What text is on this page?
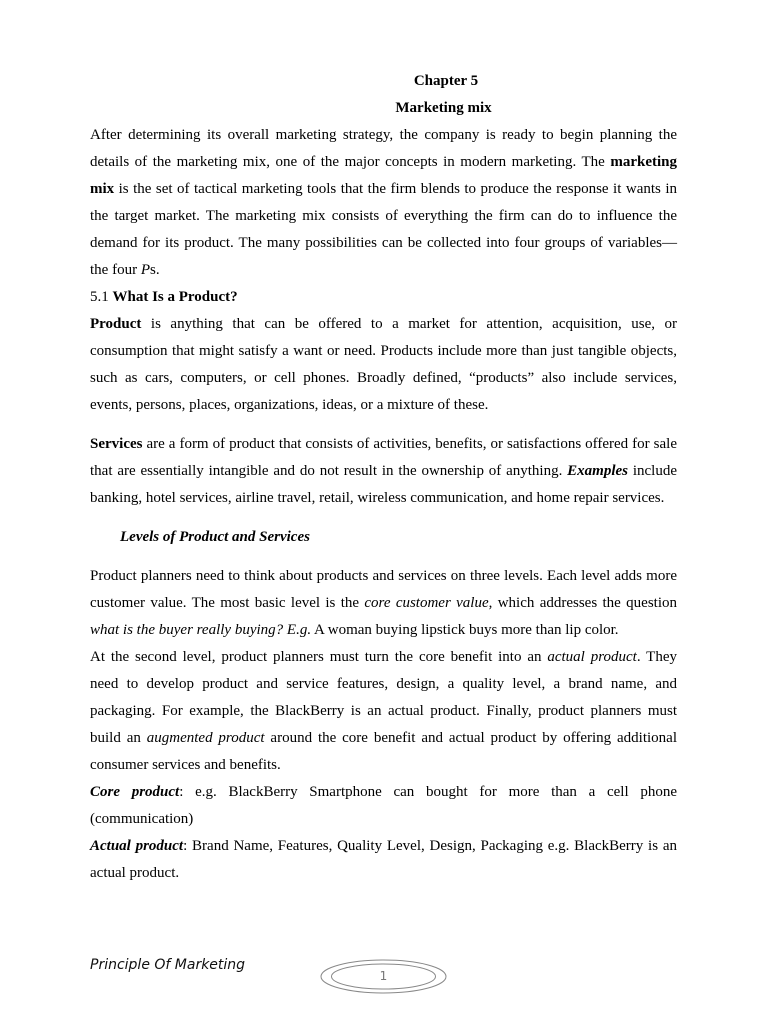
Chapter 5
Marketing mix

After determining its overall marketing strategy, the company is ready to begin planning the details of the marketing mix, one of the major concepts in modern marketing. The marketing mix is the set of tactical marketing tools that the firm blends to produce the response it wants in the target market. The marketing mix consists of everything the firm can do to influence the demand for its product. The many possibilities can be collected into four groups of variables—the four Ps.

5.1 What Is a Product?

Product is anything that can be offered to a market for attention, acquisition, use, or consumption that might satisfy a want or need. Products include more than just tangible objects, such as cars, computers, or cell phones. Broadly defined, “products” also include services, events, persons, places, organizations, ideas, or a mixture of these.

Services are a form of product that consists of activities, benefits, or satisfactions offered for sale that are essentially intangible and do not result in the ownership of anything. Examples include banking, hotel services, airline travel, retail, wireless communication, and home repair services.

Levels of Product and Services

Product planners need to think about products and services on three levels. Each level adds more customer value. The most basic level is the core customer value, which addresses the question what is the buyer really buying? E.g. A woman buying lipstick buys more than lip color.

At the second level, product planners must turn the core benefit into an actual product. They need to develop product and service features, design, a quality level, a brand name, and packaging. For example, the BlackBerry is an actual product. Finally, product planners must build an augmented product around the core benefit and actual product by offering additional consumer services and benefits.

Core product: e.g. BlackBerry Smartphone can bought for more than a cell phone (communication)

Actual product: Brand Name, Features, Quality Level, Design, Packaging e.g. BlackBerry is an actual product.

Principle Of Marketing
1
